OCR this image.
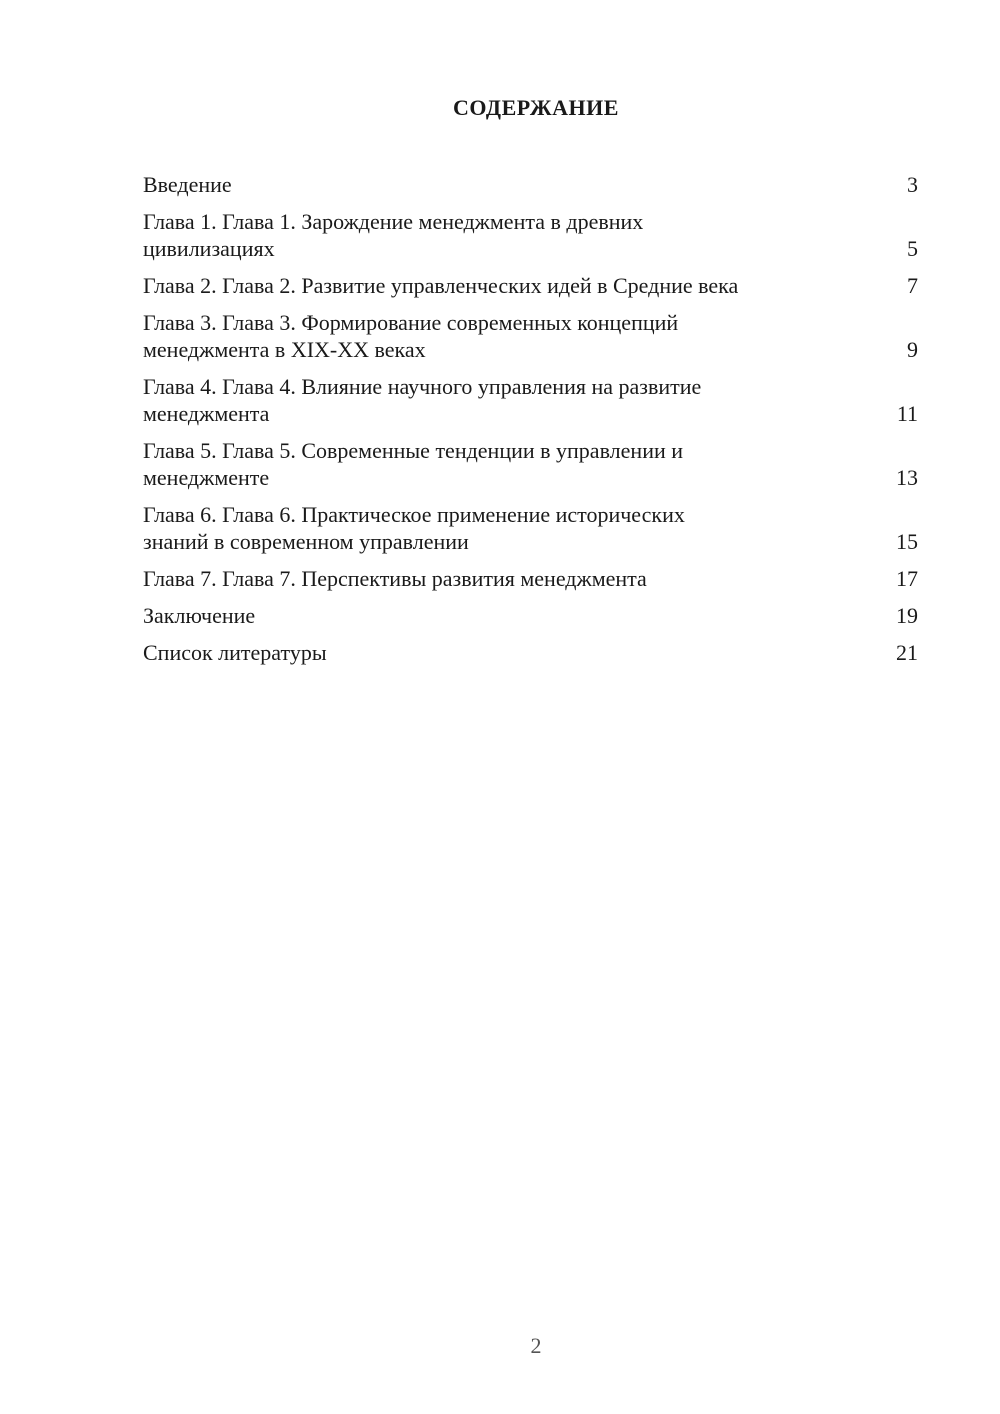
СОДЕРЖАНИЕ
Введение	3
Глава 1. Глава 1. Зарождение менеджмента в древних
цивилизациях	5
Глава 2. Глава 2. Развитие управленческих идей в Средние века	7
Глава 3. Глава 3. Формирование современных концепций
менеджмента в XIX-XX веках	9
Глава 4. Глава 4. Влияние научного управления на развитие
менеджмента	11
Глава 5. Глава 5. Современные тенденции в управлении и
менеджменте	13
Глава 6. Глава 6. Практическое применение исторических
знаний в современном управлении	15
Глава 7. Глава 7. Перспективы развития менеджмента	17
Заключение	19
Список литературы	21
2
